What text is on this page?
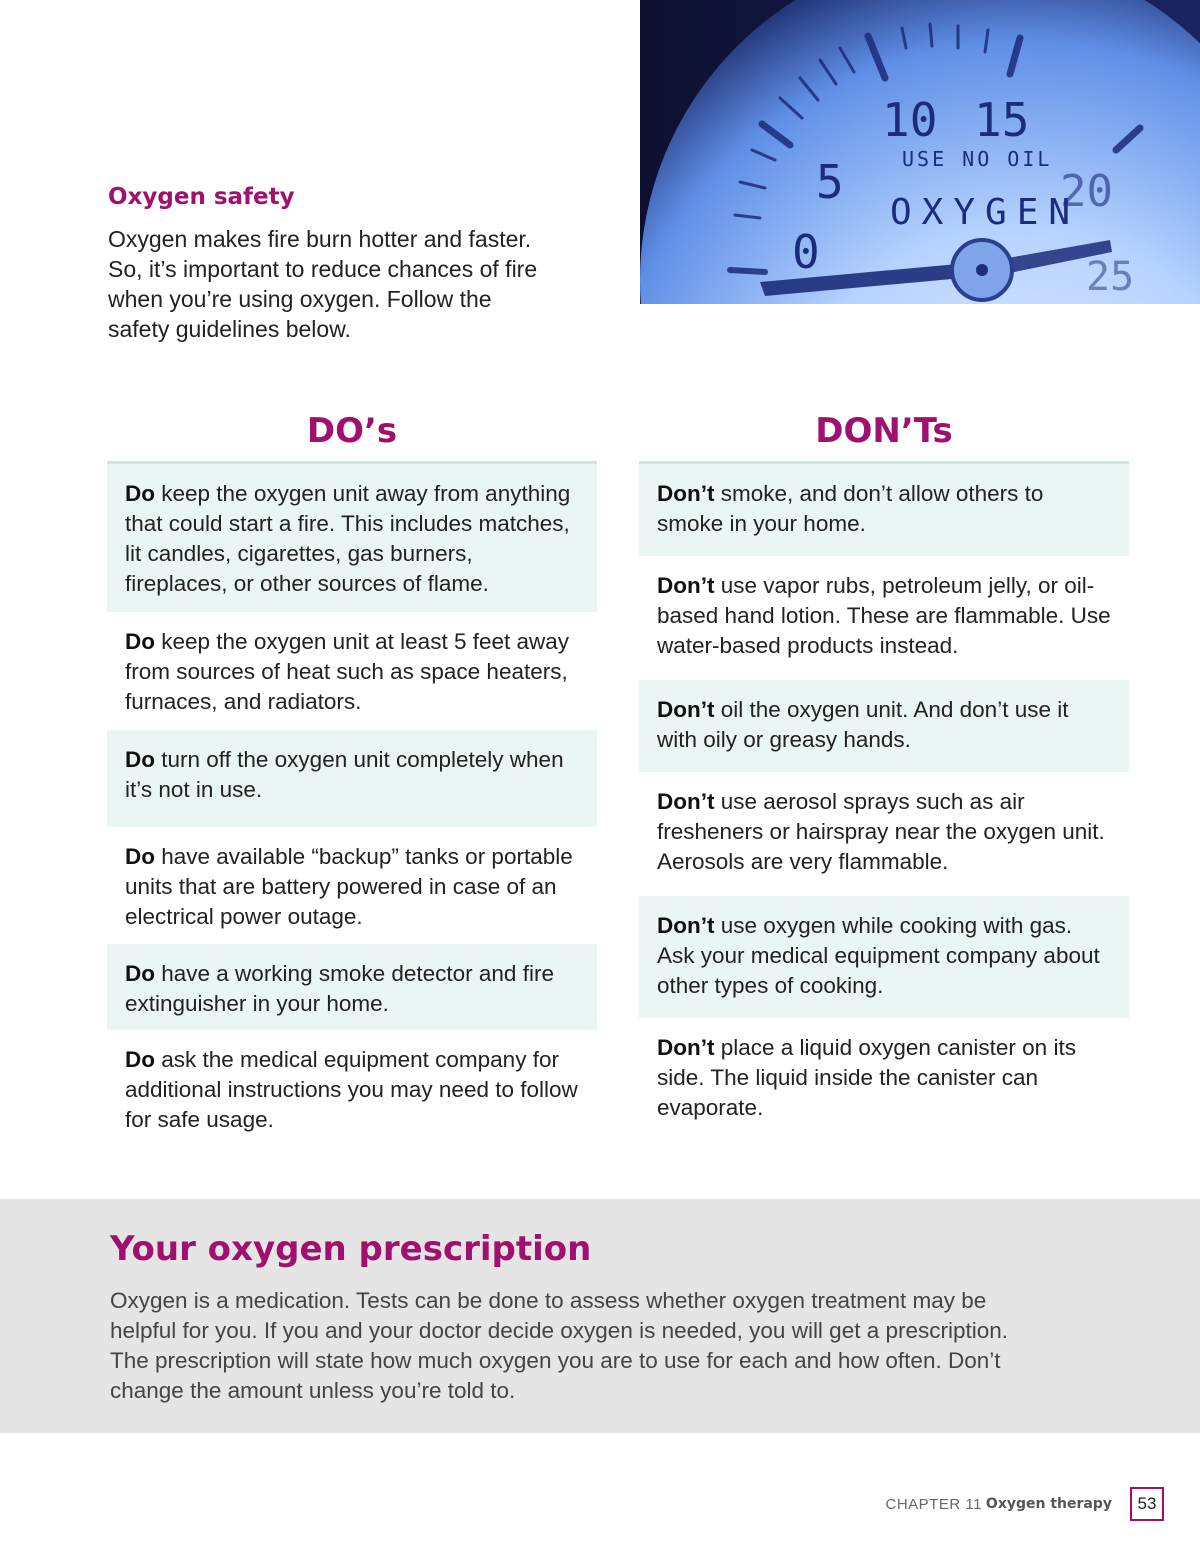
0
5
10 15
20
25
USE NO OIL
OXYGEN
Oxygen safety

Oxygen makes fire burn hotter and faster. So, it’s important to reduce chances of fire when you’re using oxygen. Follow the safety guidelines below.

DO’s
Do keep the oxygen unit away from anything that could start a fire. This includes matches, lit candles, cigarettes, gas burners, fireplaces, or other sources of flame.
Do keep the oxygen unit at least 5 feet away from sources of heat such as space heaters, furnaces, and radiators.
Do turn off the oxygen unit completely when it’s not in use.
Do have available “backup” tanks or portable units that are battery powered in case of an electrical power outage.
Do have a working smoke detector and fire extinguisher in your home.
Do ask the medical equipment company for additional instructions you may need to follow for safe usage.
DON’Ts
Don’t smoke, and don’t allow others to smoke in your home.
Don’t use vapor rubs, petroleum jelly, or oil-based hand lotion. These are flammable. Use water-based products instead.
Don’t oil the oxygen unit. And don’t use it with oily or greasy hands.
Don’t use aerosol sprays such as air fresheners or hairspray near the oxygen unit. Aerosols are very flammable.
Don’t use oxygen while cooking with gas. Ask your medical equipment company about other types of cooking.
Don’t place a liquid oxygen canister on its side. The liquid inside the canister can evaporate.
Your oxygen prescription

Oxygen is a medication. Tests can be done to assess whether oxygen treatment may be helpful for you. If you and your doctor decide oxygen is needed, you will get a prescription. The prescription will state how much oxygen you are to use for each and how often. Don’t change the amount unless you’re told to.

CHAPTER 11 Oxygen therapy	53
